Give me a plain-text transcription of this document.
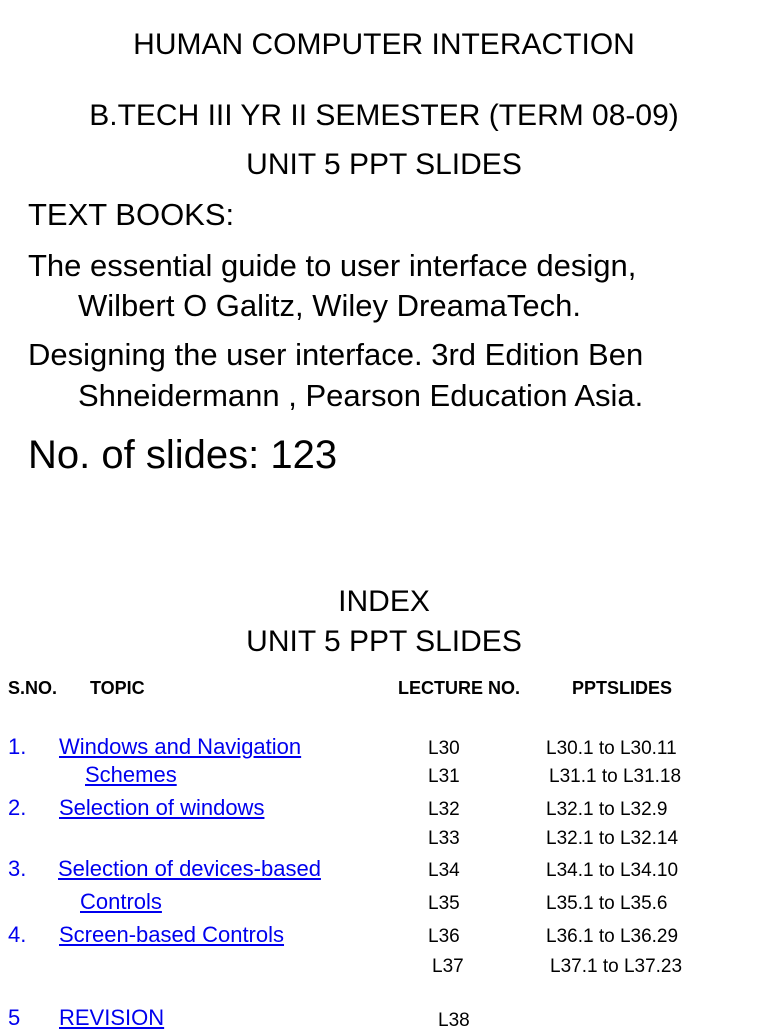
HUMAN COMPUTER INTERACTION
B.TECH III YR II SEMESTER (TERM 08-09)
UNIT 5 PPT SLIDES
TEXT BOOKS:
The essential guide to user interface design,
Wilbert O Galitz, Wiley DreamaTech.
Designing the user interface. 3rd Edition Ben
Shneidermann , Pearson Education Asia.
No. of slides: 123
INDEX
UNIT 5 PPT SLIDES
S.NO. TOPIC	LECTURE NO.	PPTSLIDES
1. Windows and Navigation	L30	L30.1 to L30.11
Schemes	L31	L31.1 to L31.18
2. Selection of windows	L32	L32.1 to L32.9
L33	L32.1 to L32.14
3. Selection of devices-based	L34	L34.1 to L34.10
Controls	L35	L35.1 to L35.6
4. Screen-based Controls	L36	L36.1 to L36.29
L37	L37.1 to L37.23
5 REVISION	L38
